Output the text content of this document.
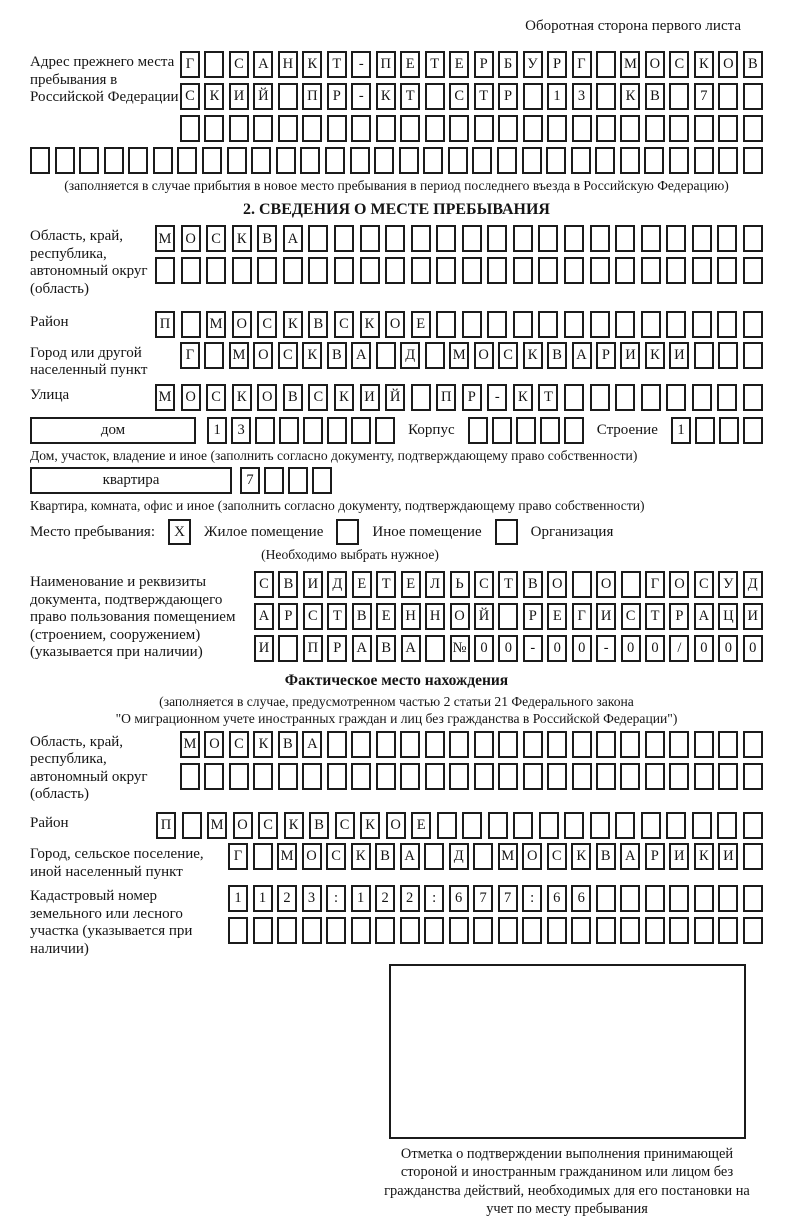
Оборотная сторона первого листа
Адрес прежнего места пребывания в Российской Федерации
Г	С А Н К	Т	-	П	Е	Т	Е	Р	Б	У	Р	Г	М О С	К О В
С	К И Й	П	Р	-	К	Т	С	Т	Р	1	3	К	В	7
(заполняется в случае прибытия в новое место пребывания в период последнего въезда в Российскую Федерацию)
2. СВЕДЕНИЯ О МЕСТЕ ПРЕБЫВАНИЯ
Область, край, республика, автономный округ (область)
М О	С	К	В	А
Район	П	М О	С	К	В	С	К	О	Е
Город или другой населенный пункт
Г	М О С	К	В А	Д	М О С	К	В А	Р	И К И
Улица	М О	С	К	О	В	С	К	И	Й	П	Р	-	К	Т
дом	1	3	Корпус	Строение	1
Дом, участок, владение и иное (заполнить согласно документу, подтверждающему право собственности)
квартира	7
Квартира, комната, офис и иное (заполнить согласно документу, подтверждающему право собственности)
Место пребывания:	X	Жилое помещение	Иное помещение	Организация
(Необходимо выбрать нужное)
Наименование и реквизиты документа, подтверждающего право пользования помещением (строением, сооружением) (указывается при наличии)
С	В И Д	Е	Т	Е	Л	Ь	С	Т	В О	О	Г	О С У Д
А	Р	С	Т	В	Е	Н Н О Й	Р	Е	Г	И С	Т	Р	А Ц И
И	П	Р	А В А	№ 0	0	-	0	0	-	0	0	/	0	0	0
Фактическое место нахождения
(заполняется в случае, предусмотренном частью 2 статьи 21 Федерального закона
"О миграционном учете иностранных граждан и лиц без гражданства в Российской Федерации")
Область, край, республика, автономный округ (область)
М О С	К	В А
Район	П	М О	С	К	В	С	К	О	Е
Город, сельское поселение, иной населенный пункт
Г	М О С	К	В А	Д	М О С	К	В А	Р	И К И
Кадастровый номер земельного или лесного участка (указывается при наличии)
1	1	2	3	:	1	2	2	:	6	7	7	:	6	6
Отметка о подтверждении выполнения принимающей стороной и иностранным гражданином или лицом без гражданства действий, необходимых для его постановки на учет по месту пребывания
